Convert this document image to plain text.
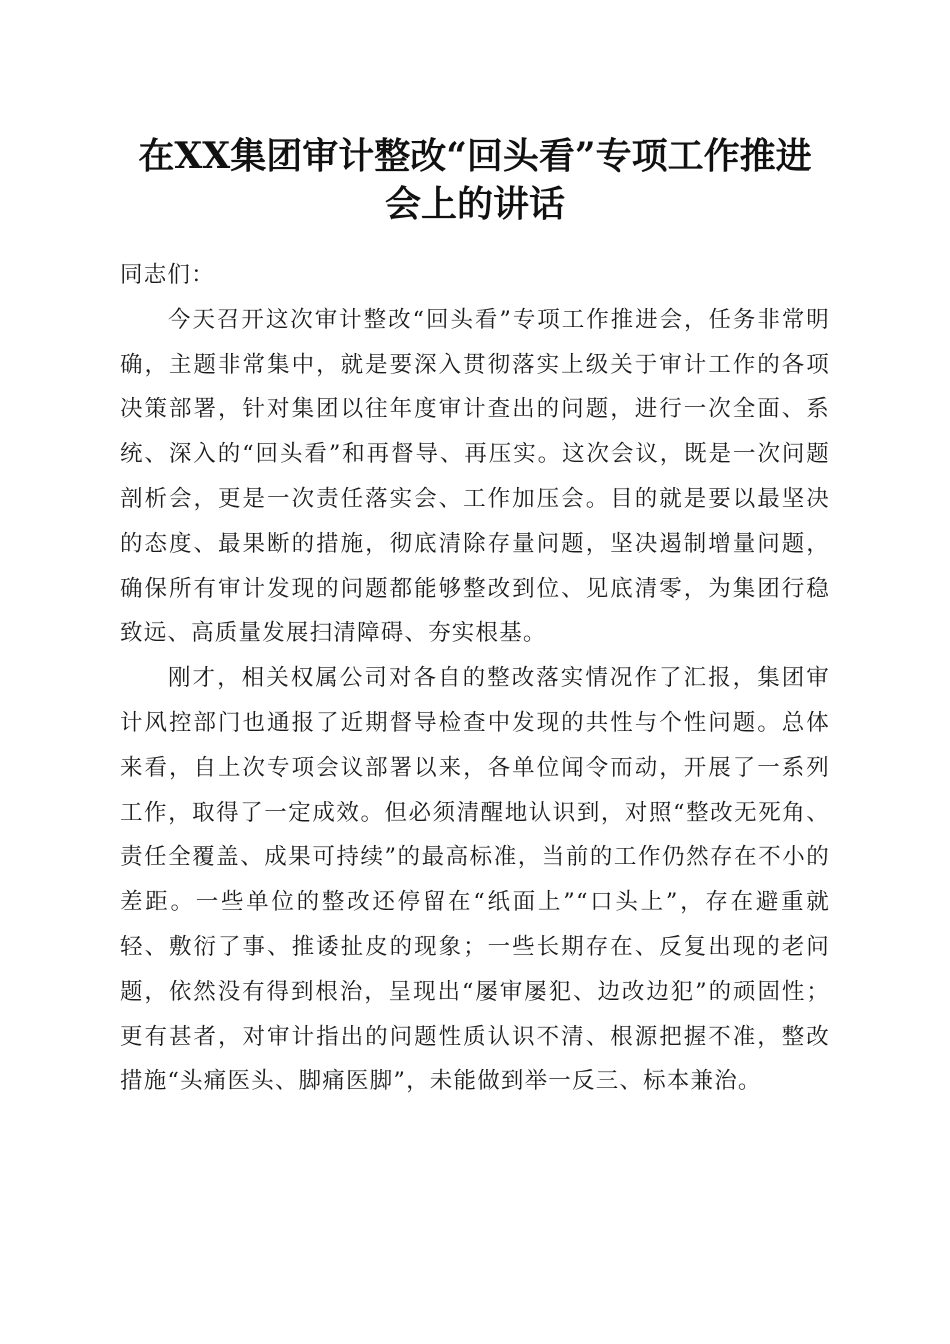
在XX集团审计整改“回头看”专项工作推进
会上的讲话

同志们：

今天召开这次审计整改“回头看”专项工作推进会，任务非常明确，主题非常集中，就是要深入贯彻落实上级关于审计工作的各项决策部署，针对集团以往年度审计查出的问题，进行一次全面、系统、深入的“回头看”和再督导、再压实。这次会议，既是一次问题剖析会，更是一次责任落实会、工作加压会。目的就是要以最坚决的态度、最果断的措施，彻底清除存量问题，坚决遏制增量问题，确保所有审计发现的问题都能够整改到位、见底清零，为集团行稳致远、高质量发展扫清障碍、夯实根基。

刚才，相关权属公司对各自的整改落实情况作了汇报，集团审计风控部门也通报了近期督导检查中发现的共性与个性问题。总体来看，自上次专项会议部署以来，各单位闻令而动，开展了一系列工作，取得了一定成效。但必须清醒地认识到，对照“整改无死角、责任全覆盖、成果可持续”的最高标准，当前的工作仍然存在不小的差距。一些单位的整改还停留在“纸面上”“口头上”，存在避重就轻、敷衍了事、推诿扯皮的现象；一些长期存在、反复出现的老问题，依然没有得到根治，呈现出“屡审屡犯、边改边犯”的顽固性；更有甚者，对审计指出的问题性质认识不清、根源把握不准，整改措施“头痛医头、脚痛医脚”，未能做到举一反三、标本兼治。
